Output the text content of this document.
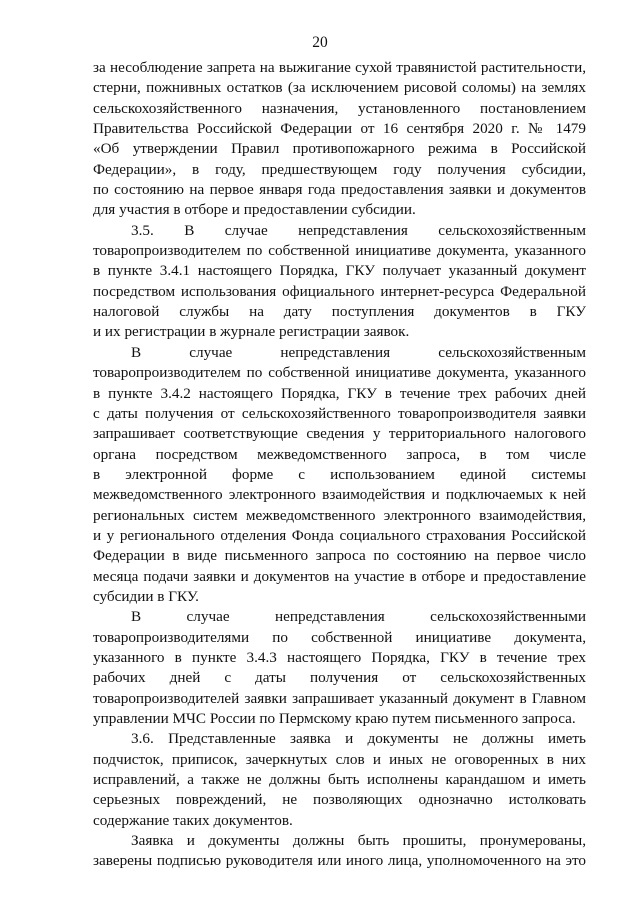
20
за несоблюдение запрета на выжигание сухой травянистой растительности,
стерни, пожнивных остатков (за исключением рисовой соломы) на землях
сельскохозяйственного назначения, установленного постановлением
Правительства Российской Федерации от 16 сентября 2020 г. № 1479
«Об утверждении Правил противопожарного режима в Российской
Федерации», в году, предшествующем году получения субсидии,
по состоянию на первое января года предоставления заявки и документов
для участия в отборе и предоставлении субсидии.
3.5. В случае непредставления сельскохозяйственным
товаропроизводителем по собственной инициативе документа, указанного
в пункте 3.4.1 настоящего Порядка, ГКУ получает указанный документ
посредством использования официального интернет-ресурса Федеральной
налоговой службы на дату поступления документов в ГКУ
и их регистрации в журнале регистрации заявок.
В случае непредставления сельскохозяйственным
товаропроизводителем по собственной инициативе документа, указанного
в пункте 3.4.2 настоящего Порядка, ГКУ в течение трех рабочих дней
с даты получения от сельскохозяйственного товаропроизводителя заявки
запрашивает соответствующие сведения у территориального налогового
органа посредством межведомственного запроса, в том числе
в электронной форме с использованием единой системы
межведомственного электронного взаимодействия и подключаемых к ней
региональных систем межведомственного электронного взаимодействия,
и у регионального отделения Фонда социального страхования Российской
Федерации в виде письменного запроса по состоянию на первое число
месяца подачи заявки и документов на участие в отборе и предоставление
субсидии в ГКУ.
В случае непредставления сельскохозяйственными
товаропроизводителями по собственной инициативе документа,
указанного в пункте 3.4.3 настоящего Порядка, ГКУ в течение трех
рабочих дней с даты получения от сельскохозяйственных
товаропроизводителей заявки запрашивает указанный документ в Главном
управлении МЧС России по Пермскому краю путем письменного запроса.
3.6. Представленные заявка и документы не должны иметь
подчисток, приписок, зачеркнутых слов и иных не оговоренных в них
исправлений, а также не должны быть исполнены карандашом и иметь
серьезных повреждений, не позволяющих однозначно истолковать
содержание таких документов.
Заявка и документы должны быть прошиты, пронумерованы,
заверены подписью руководителя или иного лица, уполномоченного на это
